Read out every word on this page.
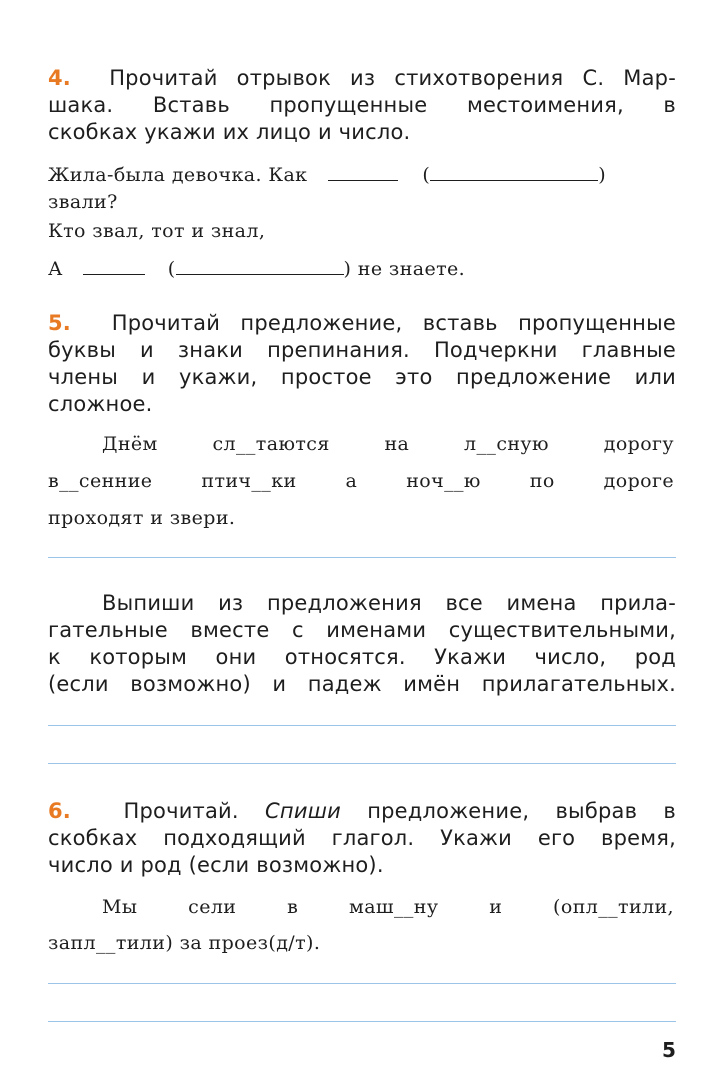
4. Прочитай отрывок из стихотворения С. Мар-
шака. Вставь пропущенные местоимения, в
скобках укажи их лицо и число.
Жила-была девочка. Как	(	)
звали?
Кто звал, тот и знал,
А	(	) не знаете.
5. Прочитай предложение, вставь пропущенные
буквы и знаки препинания. Подчеркни главные
члены и укажи, простое это предложение или
сложное.
Днём сл__таются на л__сную дорогу
в__сенние птич__ки а ноч__ю по дороге
проходят и звери.
Выпиши из предложения все имена прила-
гательные вместе с именами существительными,
к которым они относятся. Укажи число, род
(если возможно) и падеж имён прилагательных.
6.	Прочитай. Спиши предложение, выбрав в
скобках подходящий глагол. Укажи его время,
число и род (если возможно).
Мы сели в маш__ну и (опл__тили,
запл__тили) за проез(д/т).
5
